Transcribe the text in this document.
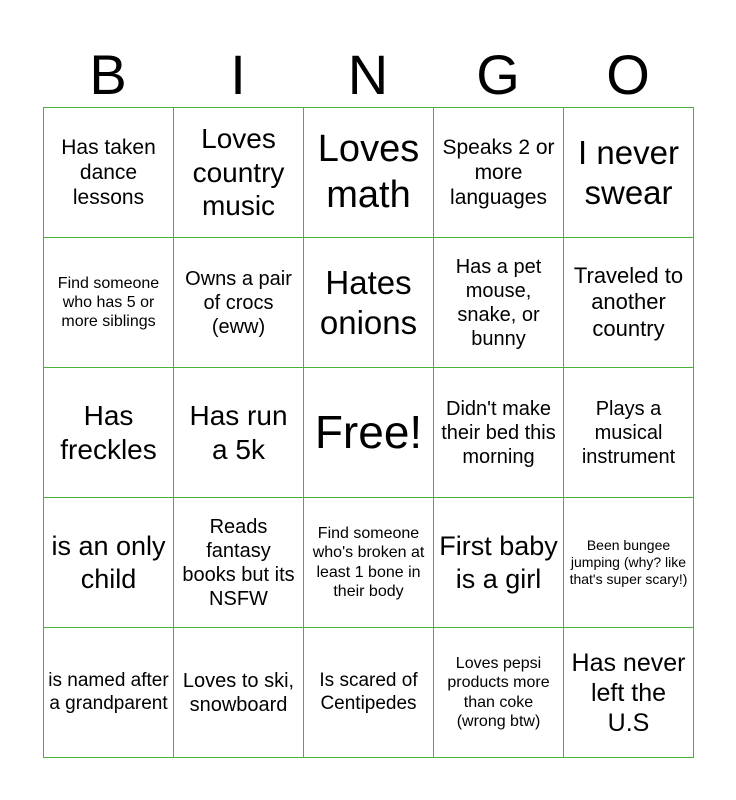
B	I	N	G	O
Has taken dance lessons	Loves country music	Loves math	Speaks 2 or more languages	I never swear
Find someone who has 5 or more siblings	Owns a pair of crocs (eww)	Hates onions	Has a pet mouse, snake, or bunny	Traveled to another country
Has freckles	Has run a 5k	Free!	Didn't make their bed this morning	Plays a musical instrument
is an only child	Reads fantasy books but its NSFW	Find someone who's broken at least 1 bone in their body	First baby is a girl	Been bungee jumping (why? like that's super scary!)
is named after a grandparent	Loves to ski, snowboard	Is scared of Centipedes	Loves pepsi products more than coke (wrong btw)	Has never left the U.S
